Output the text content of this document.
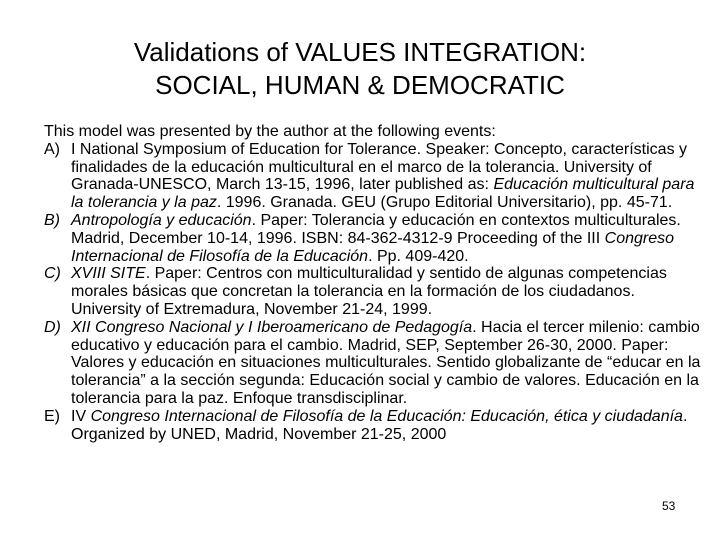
Validations of VALUES INTEGRATION:
SOCIAL, HUMAN & DEMOCRATIC

This model was presented by the author at the following events:

A) I National Symposium of Education for Tolerance. Speaker: Concepto, características y finalidades de la educación multicultural en el marco de la tolerancia. University of Granada-UNESCO, March 13-15, 1996, later published as: Educación multicultural para la tolerancia y la paz. 1996. Granada. GEU (Grupo Editorial Universitario), pp. 45-71.
B) Antropología y educación. Paper: Tolerancia y educación en contextos multiculturales. Madrid, December 10-14, 1996. ISBN: 84-362-4312-9 Proceeding of the III Congreso Internacional de Filosofía de la Educación. Pp. 409-420.
C) XVIII SITE. Paper: Centros con multiculturalidad y sentido de algunas competencias morales básicas que concretan la tolerancia en la formación de los ciudadanos. University of Extremadura, November 21-24, 1999.
D) XII Congreso Nacional y I Iberoamericano de Pedagogía. Hacia el tercer milenio: cambio educativo y educación para el cambio. Madrid, SEP, September 26-30, 2000. Paper: Valores y educación en situaciones multiculturales. Sentido globalizante de “educar en la tolerancia” a la sección segunda: Educación social y cambio de valores. Educación en la tolerancia para la paz. Enfoque transdisciplinar.
E) IV Congreso Internacional de Filosofía de la Educación: Educación, ética y ciudadanía. Organized by UNED, Madrid, November 21-25, 2000
53
